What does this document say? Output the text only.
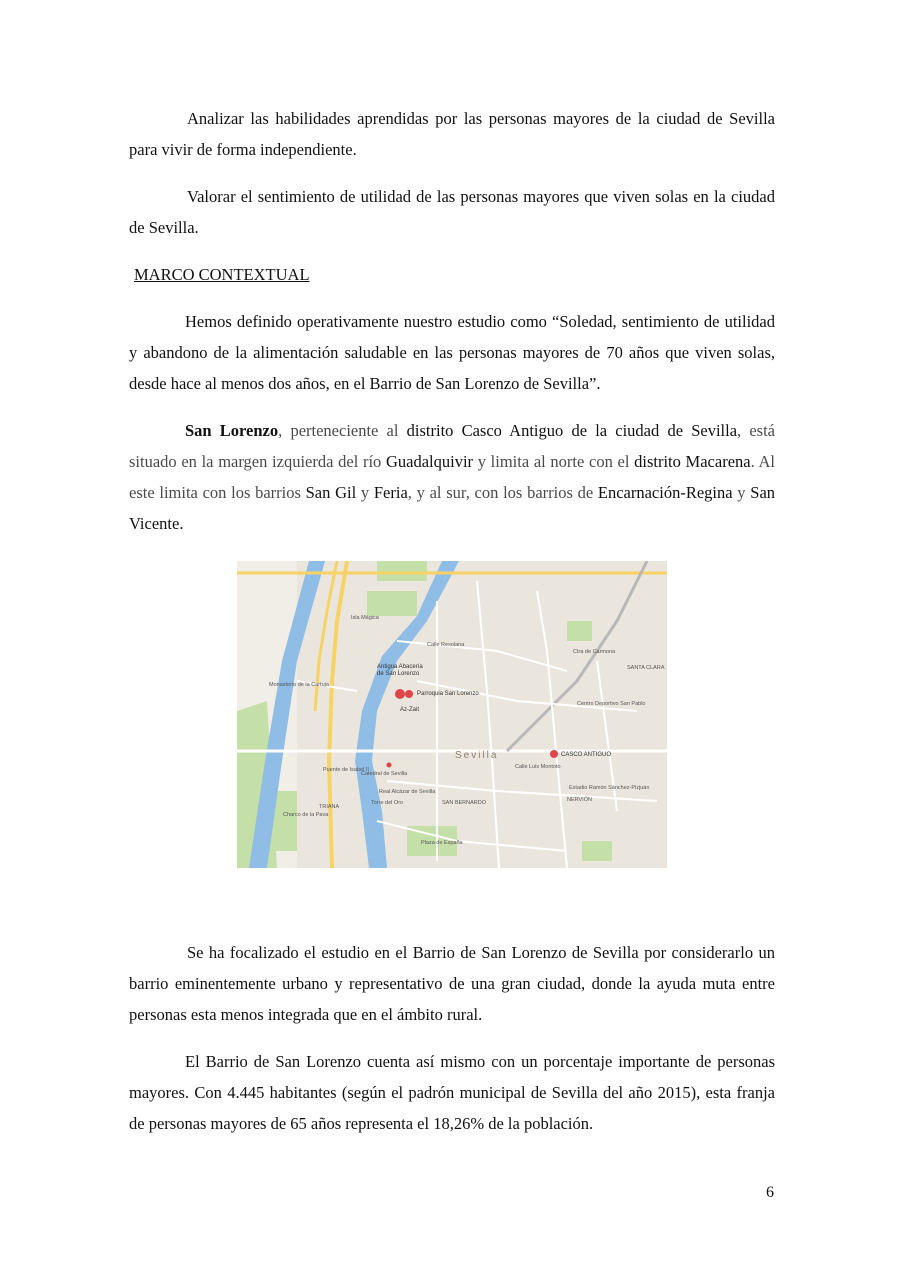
Analizar las habilidades aprendidas por las personas mayores de la ciudad de Sevilla para vivir de forma independiente.

Valorar el sentimiento de utilidad de las personas mayores que viven solas en la ciudad de Sevilla.

MARCO CONTEXTUAL

Hemos definido operativamente nuestro estudio como “Soledad, sentimiento de utilidad y abandono de la alimentación saludable en las personas mayores de 70 años que viven solas, desde hace al menos dos años, en el Barrio de San Lorenzo de Sevilla”.

San Lorenzo, perteneciente al distrito Casco Antiguo de la ciudad de Sevilla, está situado en la margen izquierda del río Guadalquivir y limita al norte con el distrito Macarena. Al este limita con los barrios San Gil y Feria, y al sur, con los barrios de Encarnación-Regina y San Vicente.

Isla Mágica
Antigua Abacería
de San Lorenzo
Parroquia San Lorenzo
Az-Zait
Monasterio de la Cartuja
Sevilla	CASCO ANTIGUO
Catedral de Sevilla
Real Alcázar de Sevilla
Torre del Oro
Plaza de España
TRIANA
SAN BERNARDO	NERVIÓN
Centro Deportivo San Pablo
Estadio Ramón Sánchez-Pizjuán
Puente de Isabel II
Calle Resolana
Ctra de Carmona
Calle Luis Montoto
SANTA CLARA
Charco de la Pava

Se ha focalizado el estudio en el Barrio de San Lorenzo de Sevilla por considerarlo un barrio eminentemente urbano y representativo de una gran ciudad, donde la ayuda muta entre personas esta menos integrada que en el ámbito rural.

El Barrio de San Lorenzo cuenta así mismo con un porcentaje importante de personas mayores. Con 4.445 habitantes (según el padrón municipal de Sevilla del año 2015), esta franja de personas mayores de 65 años representa el 18,26% de la población.

6
